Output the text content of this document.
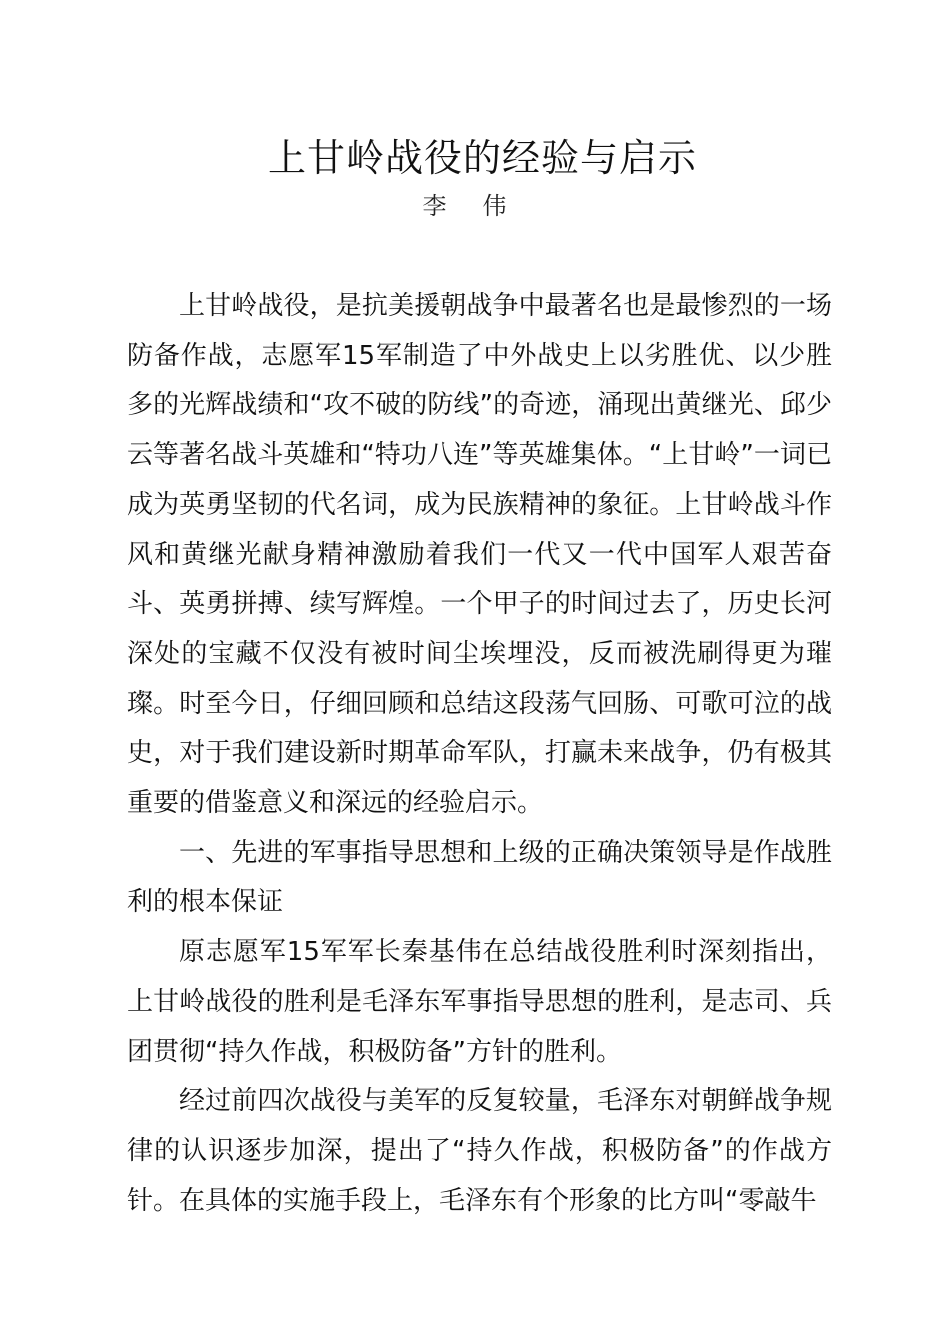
上甘岭战役的经验与启示
李伟

上甘岭战役，是抗美援朝战争中最著名也是最惨烈的一场防备作战，志愿军15军制造了中外战史上以劣胜优、以少胜多的光辉战绩和“攻不破的防线”的奇迹，涌现出黄继光、邱少云等著名战斗英雄和“特功八连”等英雄集体。“上甘岭”一词已成为英勇坚韧的代名词，成为民族精神的象征。上甘岭战斗作风和黄继光献身精神激励着我们一代又一代中国军人艰苦奋斗、英勇拼搏、续写辉煌。一个甲子的时间过去了，历史长河深处的宝藏不仅没有被时间尘埃埋没，反而被洗刷得更为璀璨。时至今日，仔细回顾和总结这段荡气回肠、可歌可泣的战史，对于我们建设新时期革命军队，打赢未来战争，仍有极其重要的借鉴意义和深远的经验启示。

一、先进的军事指导思想和上级的正确决策领导是作战胜利的根本保证

原志愿军15军军长秦基伟在总结战役胜利时深刻指出，上甘岭战役的胜利是毛泽东军事指导思想的胜利，是志司、兵团贯彻“持久作战，积极防备”方针的胜利。

经过前四次战役与美军的反复较量，毛泽东对朝鲜战争规律的认识逐步加深，提出了“持久作战，积极防备”的作战方针。在具体的实施手段上，毛泽东有个形象的比方叫“零敲牛
